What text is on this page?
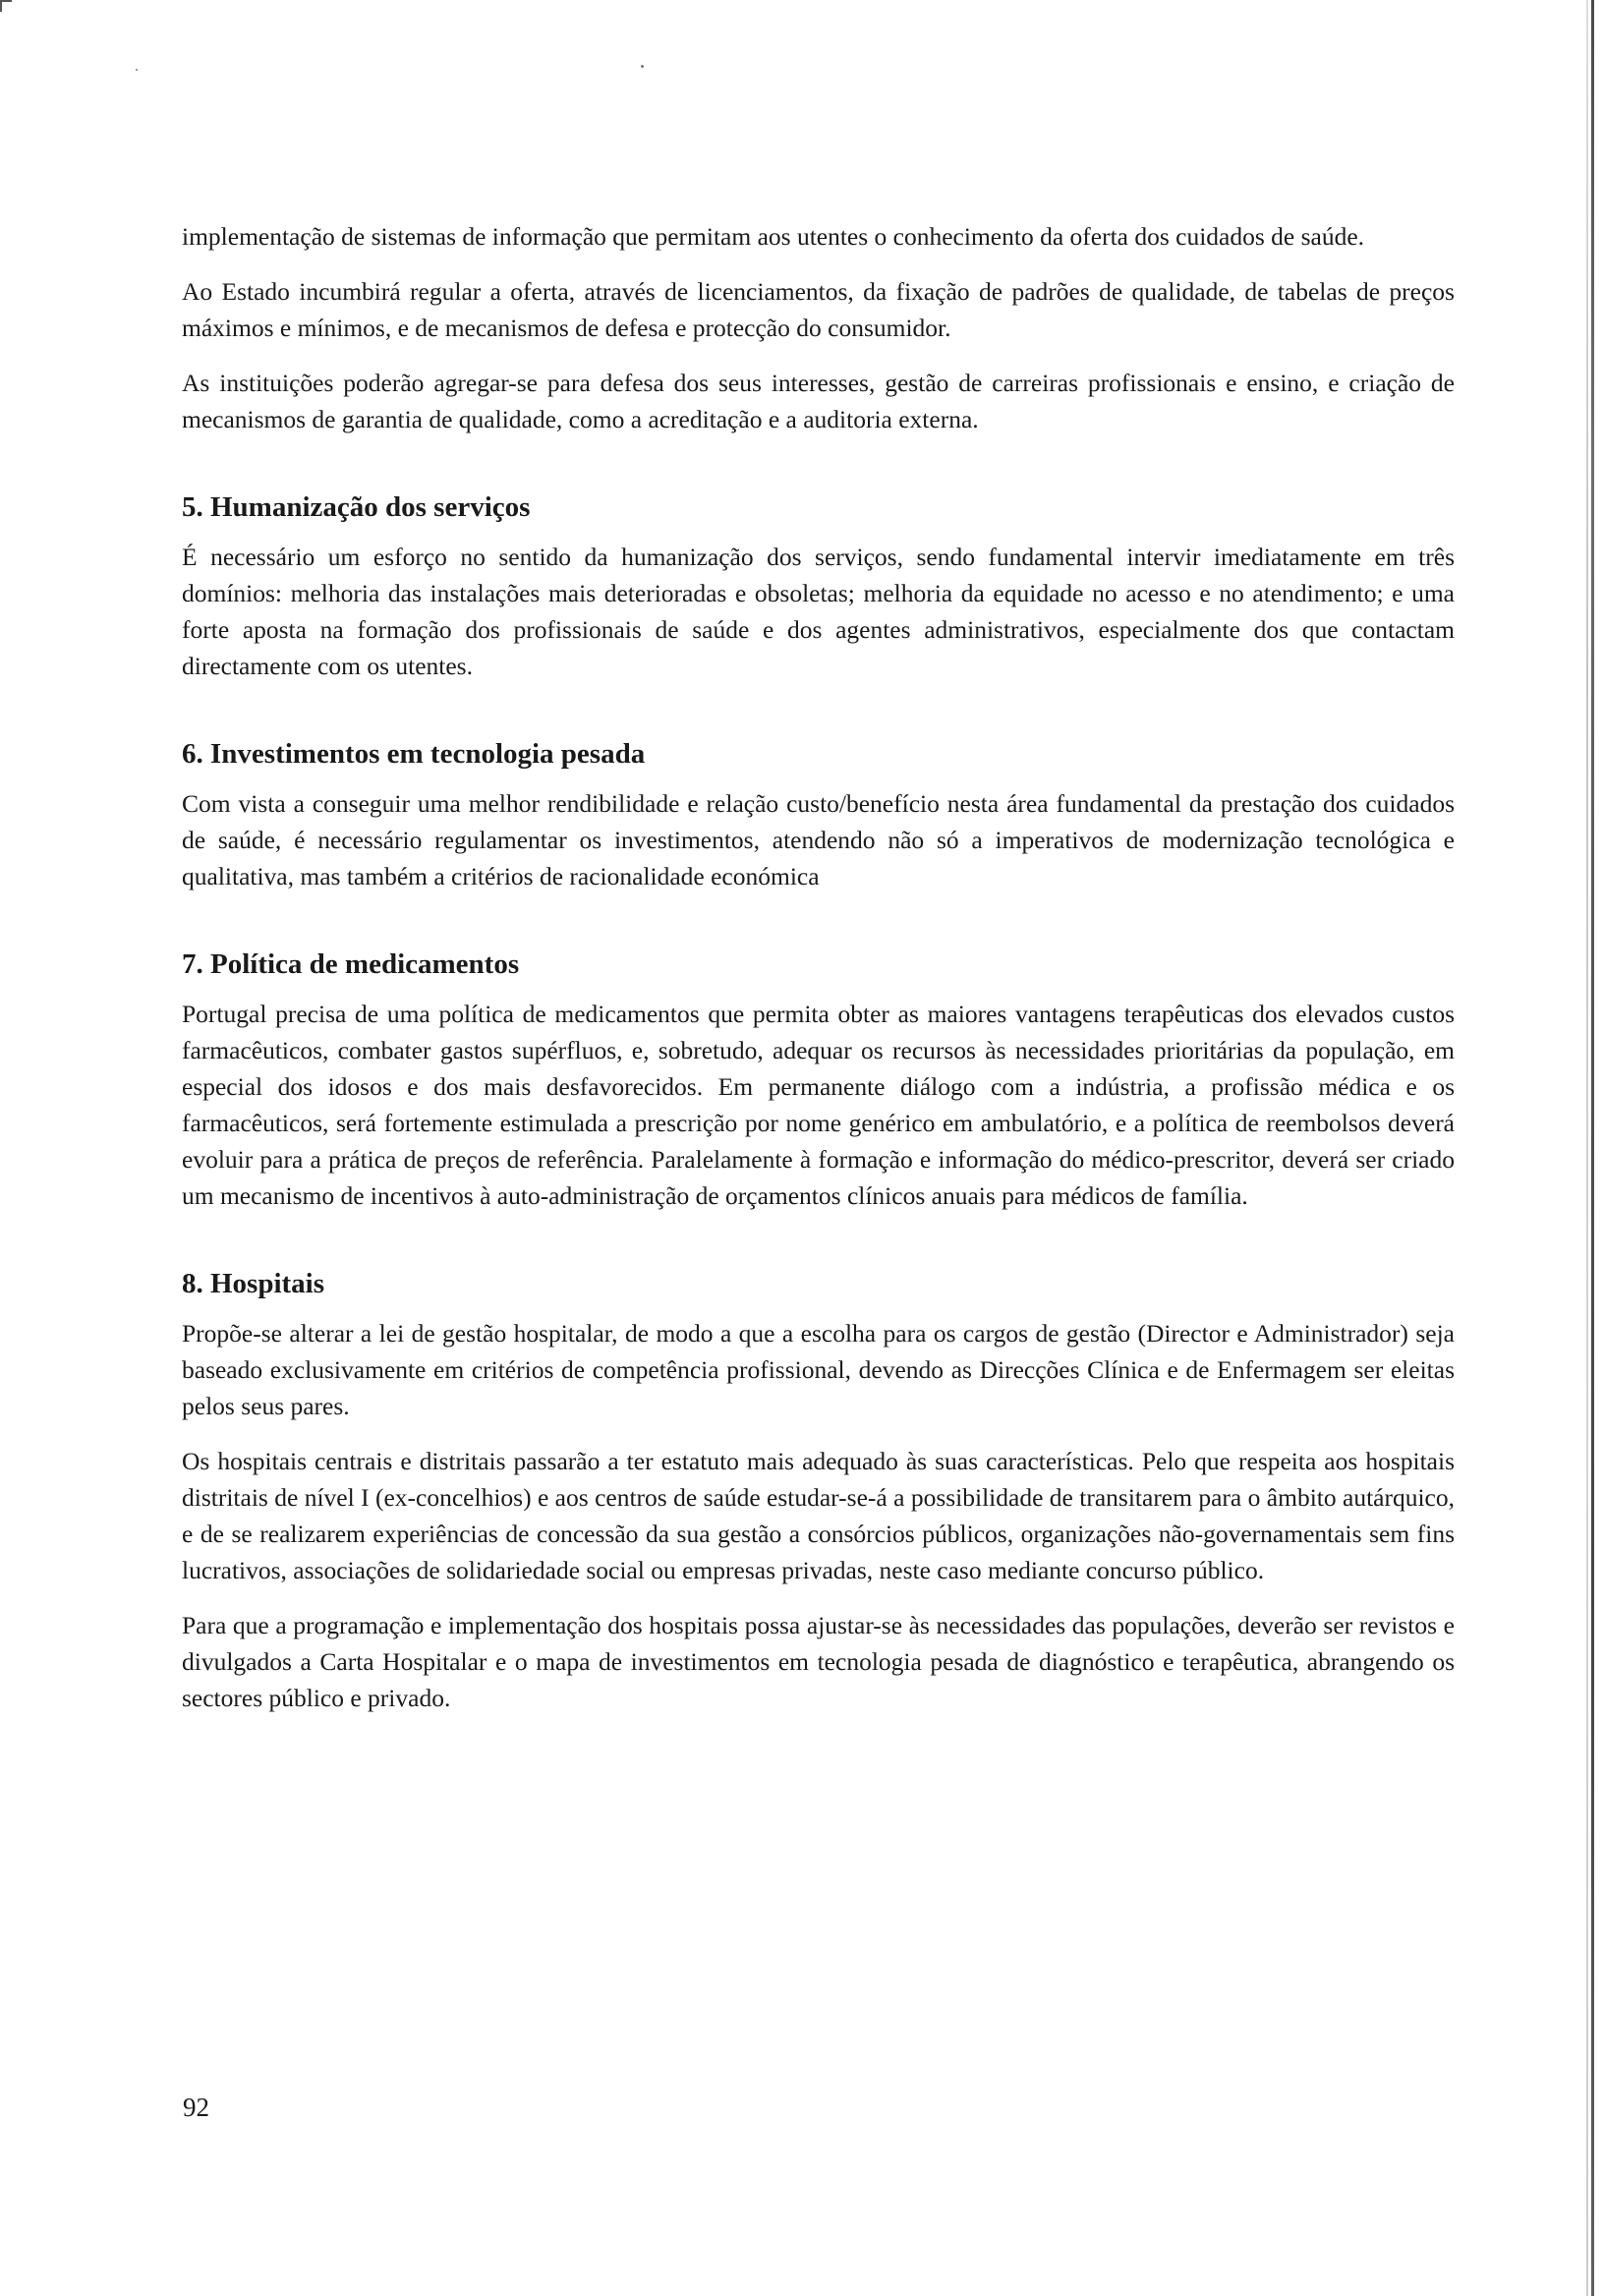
implementação de sistemas de informação que permitam aos utentes o conhecimento da oferta dos cuidados de saúde.

Ao Estado incumbirá regular a oferta, através de licenciamentos, da fixação de padrões de qualidade, de tabelas de preços máximos e mínimos, e de mecanismos de defesa e protecção do consumidor.

As instituições poderão agregar-se para defesa dos seus interesses, gestão de carreiras profissionais e ensino, e criação de mecanismos de garantia de qualidade, como a acreditação e a auditoria externa.

5. Humanização dos serviços

É necessário um esforço no sentido da humanização dos serviços, sendo fundamental intervir imediatamente em três domínios: melhoria das instalações mais deterioradas e obsoletas; melhoria da equidade no acesso e no atendimento; e uma forte aposta na formação dos profissionais de saúde e dos agentes administrativos, especialmente dos que contactam directamente com os utentes.

6. Investimentos em tecnologia pesada

Com vista a conseguir uma melhor rendibilidade e relação custo/benefício nesta área fundamental da prestação dos cuidados de saúde, é necessário regulamentar os investimentos, atendendo não só a imperativos de modernização tecnológica e qualitativa, mas também a critérios de racionalidade económica

7. Política de medicamentos

Portugal precisa de uma política de medicamentos que permita obter as maiores vantagens terapêuticas dos elevados custos farmacêuticos, combater gastos supérfluos, e, sobretudo, adequar os recursos às necessidades prioritárias da população, em especial dos idosos e dos mais desfavorecidos. Em permanente diálogo com a indústria, a profissão médica e os farmacêuticos, será fortemente estimulada a prescrição por nome genérico em ambulatório, e a política de reembolsos deverá evoluir para a prática de preços de referência. Paralelamente à formação e informação do médico-prescritor, deverá ser criado um mecanismo de incentivos à auto-administração de orçamentos clínicos anuais para médicos de família.

8. Hospitais

Propõe-se alterar a lei de gestão hospitalar, de modo a que a escolha para os cargos de gestão (Director e Administrador) seja baseado exclusivamente em critérios de competência profissional, devendo as Direcções Clínica e de Enfermagem ser eleitas pelos seus pares.

Os hospitais centrais e distritais passarão a ter estatuto mais adequado às suas características. Pelo que respeita aos hospitais distritais de nível I (ex-concelhios) e aos centros de saúde estudar-se-á a possibilidade de transitarem para o âmbito autárquico, e de se realizarem experiências de concessão da sua gestão a consórcios públicos, organizações não-governamentais sem fins lucrativos, associações de solidariedade social ou empresas privadas, neste caso mediante concurso público.

Para que a programação e implementação dos hospitais possa ajustar-se às necessidades das populações, deverão ser revistos e divulgados a Carta Hospitalar e o mapa de investimentos em tecnologia pesada de diagnóstico e terapêutica, abrangendo os sectores público e privado.

92
